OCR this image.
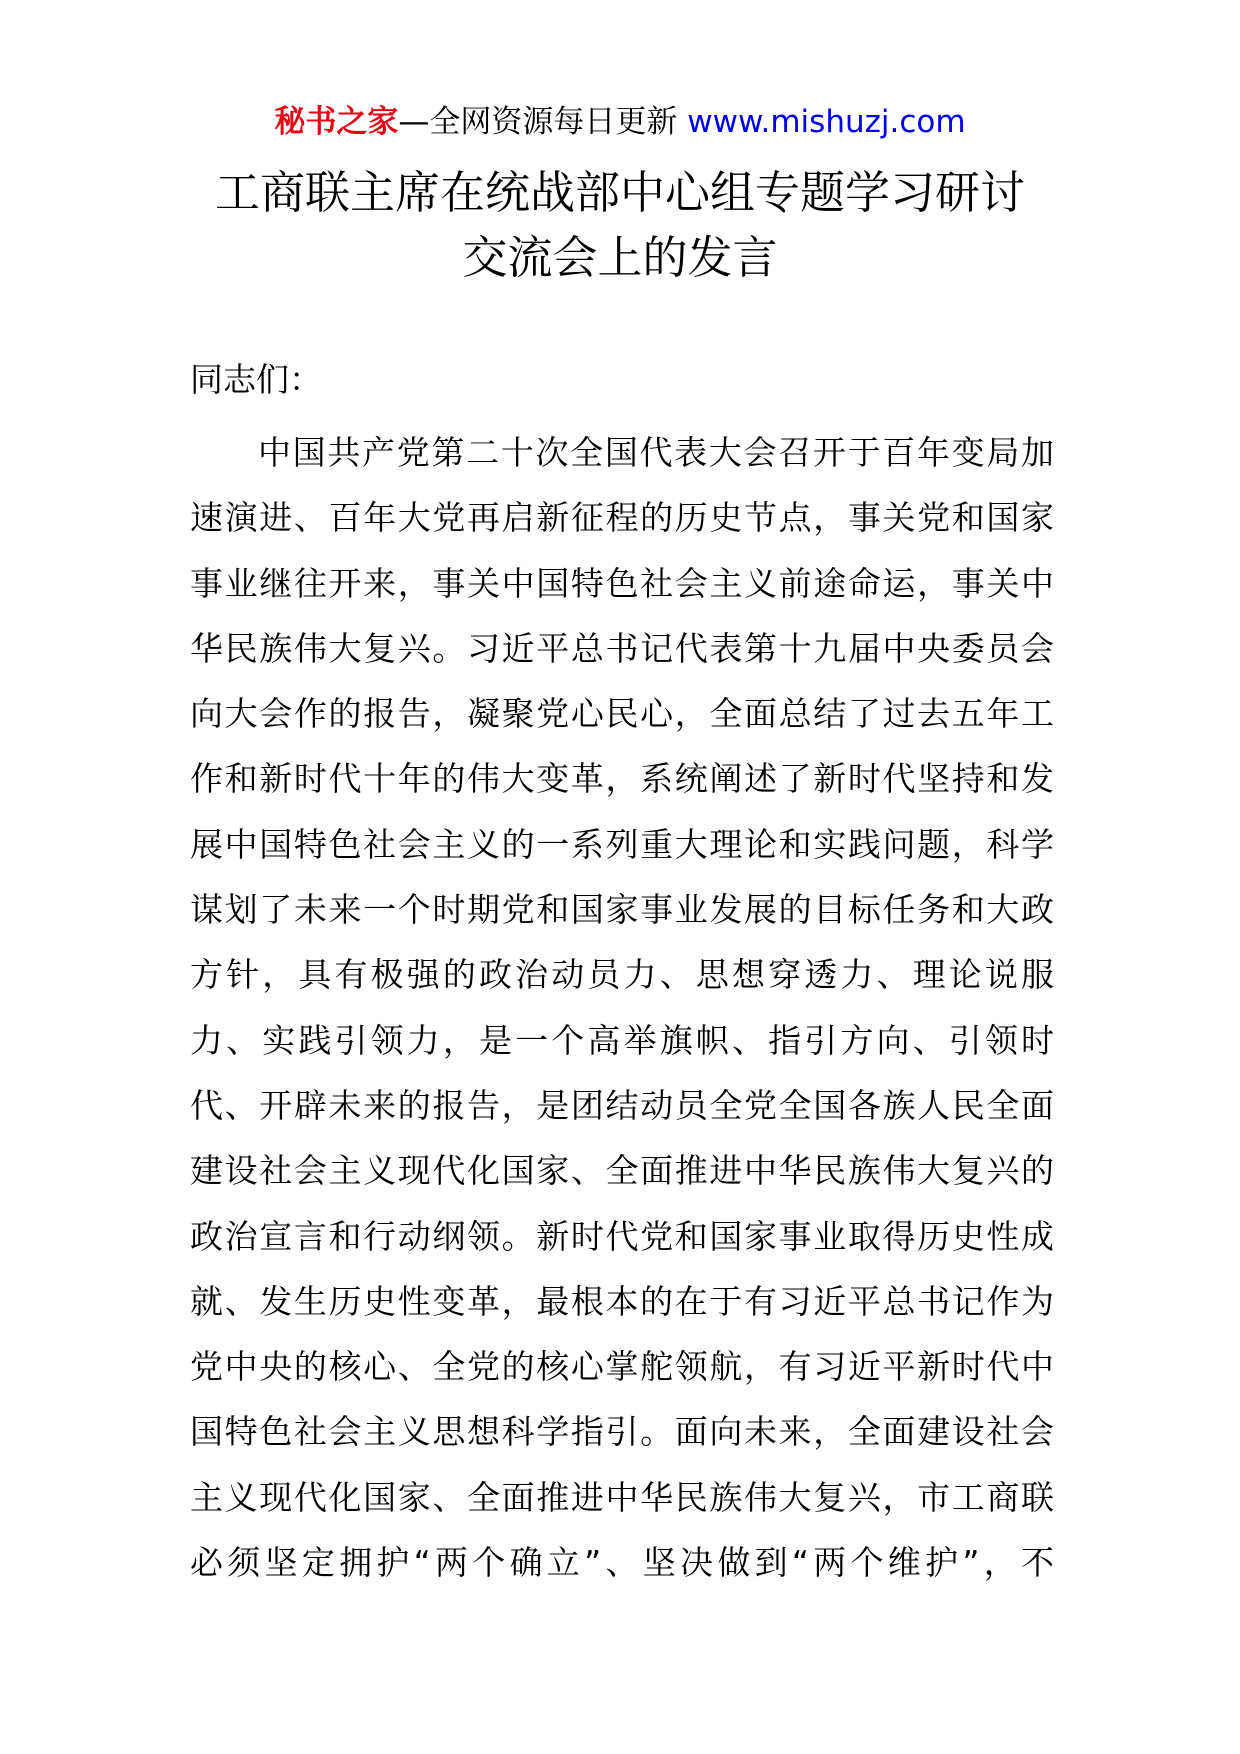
秘书之家—全网资源每日更新 www.mishuzj.com
工商联主席在统战部中心组专题学习研讨
交流会上的发言
同志们：
中国共产党第二十次全国代表大会召开于百年变局加
速演进、百年大党再启新征程的历史节点，事关党和国家
事业继往开来，事关中国特色社会主义前途命运，事关中
华民族伟大复兴。习近平总书记代表第十九届中央委员会
向大会作的报告，凝聚党心民心，全面总结了过去五年工
作和新时代十年的伟大变革，系统阐述了新时代坚持和发
展中国特色社会主义的一系列重大理论和实践问题，科学
谋划了未来一个时期党和国家事业发展的目标任务和大政
方针，具有极强的政治动员力、思想穿透力、理论说服
力、实践引领力，是一个高举旗帜、指引方向、引领时
代、开辟未来的报告，是团结动员全党全国各族人民全面
建设社会主义现代化国家、全面推进中华民族伟大复兴的
政治宣言和行动纲领。新时代党和国家事业取得历史性成
就、发生历史性变革，最根本的在于有习近平总书记作为
党中央的核心、全党的核心掌舵领航，有习近平新时代中
国特色社会主义思想科学指引。面向未来，全面建设社会
主义现代化国家、全面推进中华民族伟大复兴，市工商联
必须坚定拥护“两个确立”、坚决做到“两个维护”，不
